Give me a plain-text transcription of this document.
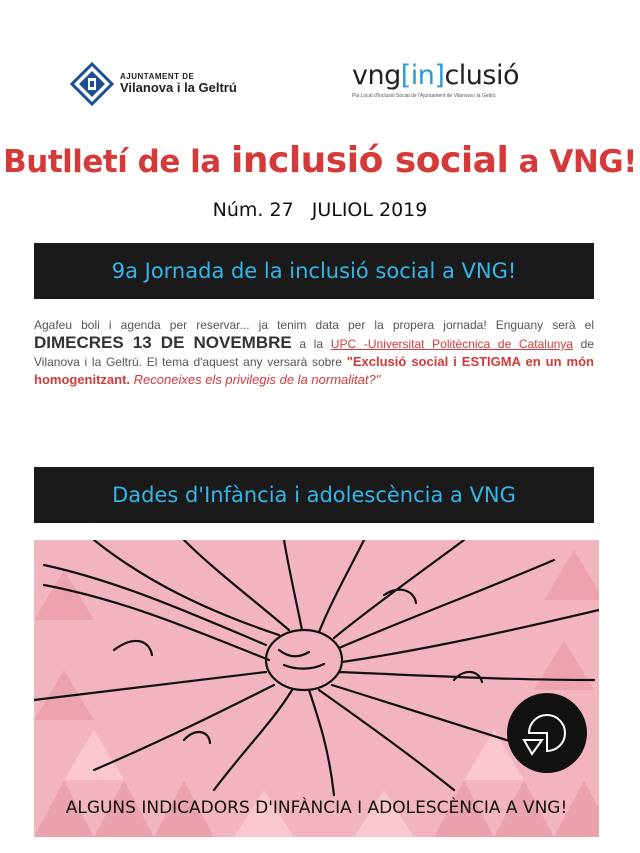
AJUNTAMENT DE
Vilanova i la Geltrú	vng[in]clusió
Pla Local d'Inclusió Social de l'Ajuntament de Vilanova i la Geltrú
Butlletí de la inclusió social a VNG!
Núm. 27 JULIOL 2019
9a Jornada de la inclusió social a VNG!
Agafeu boli i agenda per reservar... ja tenim data per la propera jornada! Enguany serà el DIMECRES 13 DE NOVEMBRE a la UPC -Universitat Politècnica de Catalunya de Vilanova i la Geltrú. El tema d'aquest any versarà sobre "Exclusió social i ESTIGMA en un món homogenitzant. Reconeixes els privilegis de la normalitat?"
Dades d'Infància i adolescència a VNG
ALGUNS INDICADORS D'INFÀNCIA I ADOLESCÈNCIA A VNG!
